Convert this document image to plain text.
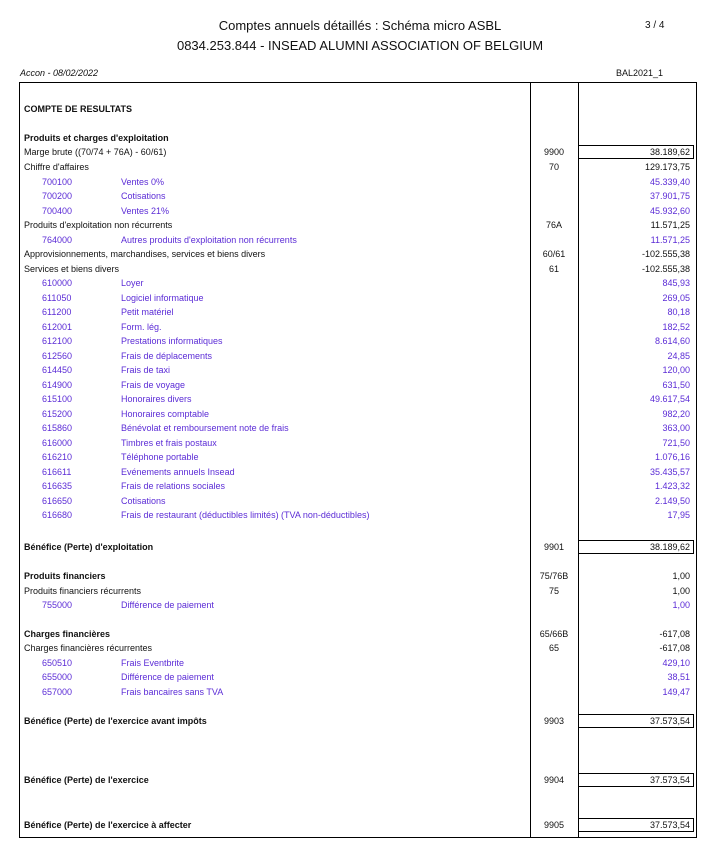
Comptes annuels détaillés : Schéma micro ASBL
0834.253.844 - INSEAD ALUMNI ASSOCIATION OF BELGIUM
3 / 4
Accon - 08/02/2022	BAL2021_1
COMPTE DE RESULTATS
Produits et charges d'exploitation
Marge brute ((70/74 + 76A) - 60/61)	9900	38.189,62
Chiffre d'affaires	70	129.173,75
700100	Ventes 0%	45.339,40
700200	Cotisations	37.901,75
700400	Ventes 21%	45.932,60
Produits d'exploitation non récurrents	76A	11.571,25
764000	Autres produits d'exploitation non récurrents	11.571,25
Approvisionnements, marchandises, services et biens divers	60/61	-102.555,38
Services et biens divers	61	-102.555,38
610000	Loyer	845,93
611050	Logiciel informatique	269,05
611200	Petit matériel	80,18
612001	Form. lég.	182,52
612100	Prestations informatiques	8.614,60
612560	Frais de déplacements	24,85
614450	Frais de taxi	120,00
614900	Frais de voyage	631,50
615100	Honoraires divers	49.617,54
615200	Honoraires comptable	982,20
615860	Bénévolat et remboursement note de frais	363,00
616000	Timbres et frais postaux	721,50
616210	Téléphone portable	1.076,16
616611	Evénements annuels Insead	35.435,57
616635	Frais de relations sociales	1.423,32
616650	Cotisations	2.149,50
616680	Frais de restaurant (déductibles limités) (TVA non-déductibles)	17,95
Bénéfice (Perte) d'exploitation	9901	38.189,62
Produits financiers	75/76B	1,00
Produits financiers récurrents	75	1,00
755000	Différence de paiement	1,00
Charges financières	65/66B	-617,08
Charges financières récurrentes	65	-617,08
650510	Frais Eventbrite	429,10
655000	Différence de paiement	38,51
657000	Frais bancaires sans TVA	149,47
Bénéfice (Perte) de l'exercice avant impôts	9903	37.573,54
Bénéfice (Perte) de l'exercice	9904	37.573,54
Bénéfice (Perte) de l'exercice à affecter	9905	37.573,54
